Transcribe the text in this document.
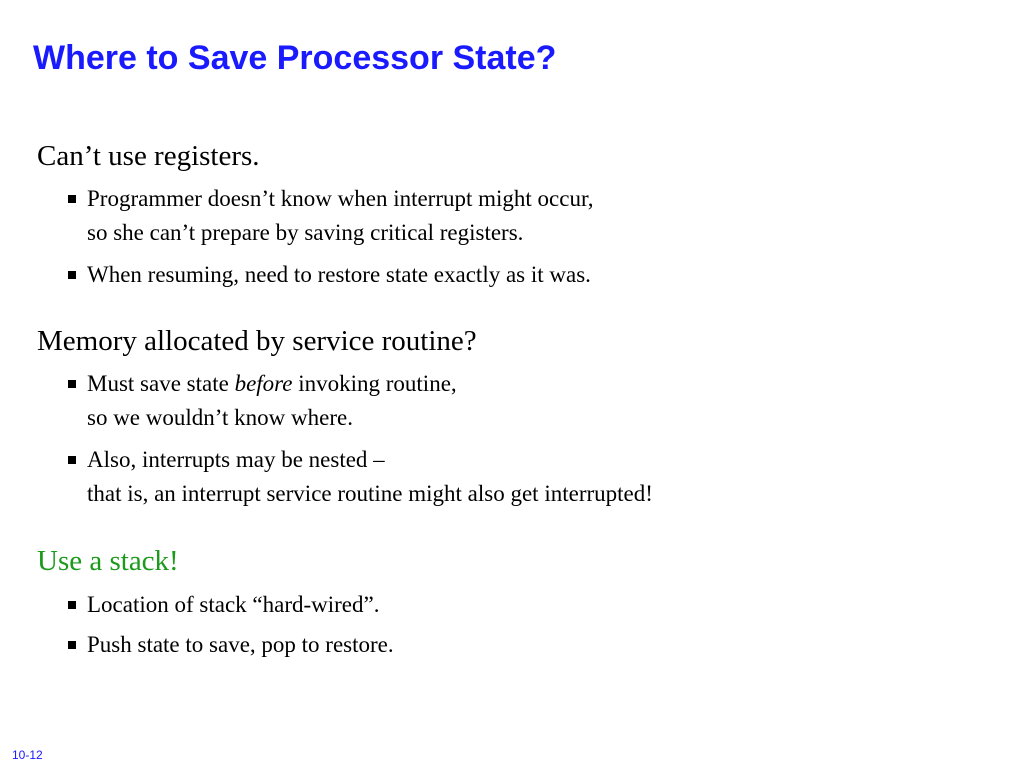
Where to Save Processor State?
Can’t use registers.
Programmer doesn’t know when interrupt might occur,
so she can’t prepare by saving critical registers.
When resuming, need to restore state exactly as it was.
Memory allocated by service routine?
Must save state before invoking routine,
so we wouldn’t know where.
Also, interrupts may be nested –
that is, an interrupt service routine might also get interrupted!
Use a stack!
Location of stack “hard-wired”.
Push state to save, pop to restore.
10-12
